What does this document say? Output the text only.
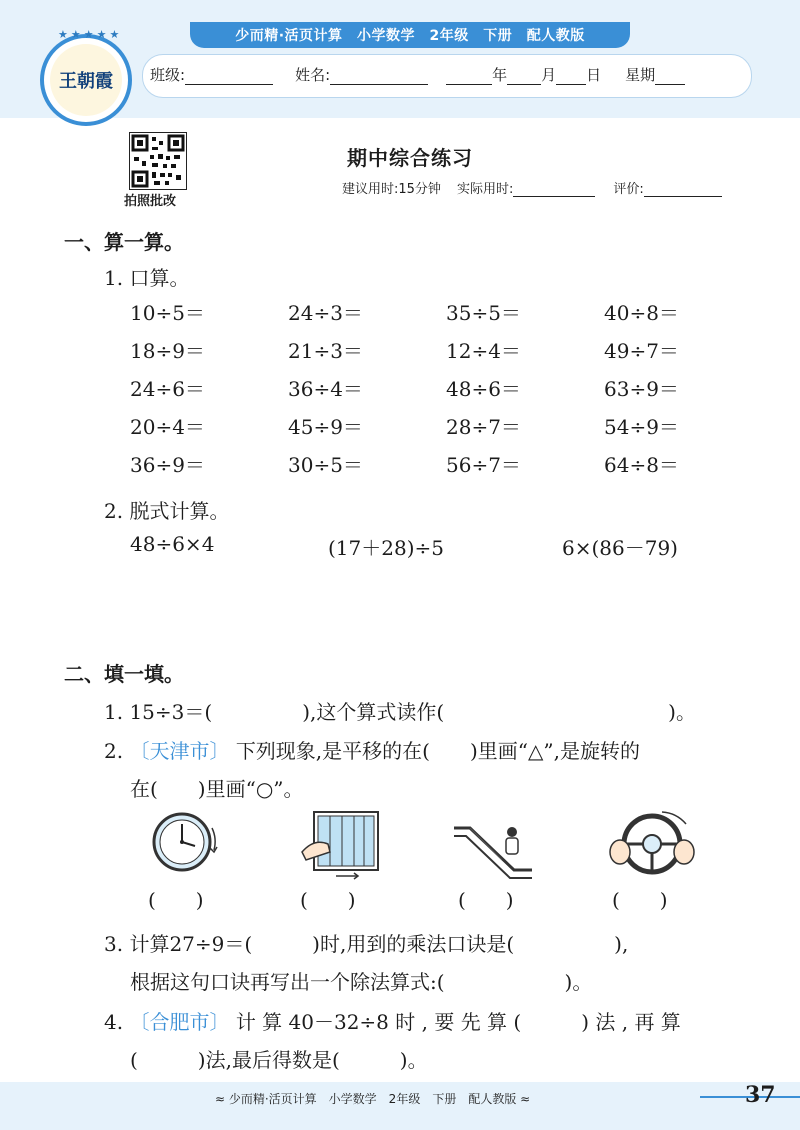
少而精·活页计算　小学数学　2年级　下册　配人教版
班级:	姓名:	年 月 日 星期
★★★★★
王朝霞
拍照批改
期中综合练习
建议用时:15分钟 实际用时:	评价:
一、算一算。
1. 口算。
10÷5＝	24÷3＝	35÷5＝	40÷8＝
18÷9＝	21÷3＝	12÷4＝	49÷7＝
24÷6＝	36÷4＝	48÷6＝	63÷9＝
20÷4＝	45÷9＝	28÷7＝	54÷9＝
36÷9＝	30÷5＝	56÷7＝	64÷8＝
2. 脱式计算。
48÷6×4	(17＋28)÷5	6×(86－79)
二、填一填。
1. 15÷3＝(	),这个算式读作(	)。
2. 〔天津市〕 下列现象,是平移的在(　　)里画“△”,是旋转的
在(　　)里画“○”。
(　　)	(　　)	(　　)	(　　)
3. 计算27÷9＝(　　　)时,用到的乘法口诀是(　　　　　),
根据这句口诀再写出一个除法算式:(　　　　　　)。
4. 〔合肥市〕 计 算 40－32÷8 时 , 要 先 算 (　　　) 法 , 再 算
(　　　)法,最后得数是(　　　)。
≈ 少而精·活页计算　小学数学　2年级　下册　配人教版 ≈	37
